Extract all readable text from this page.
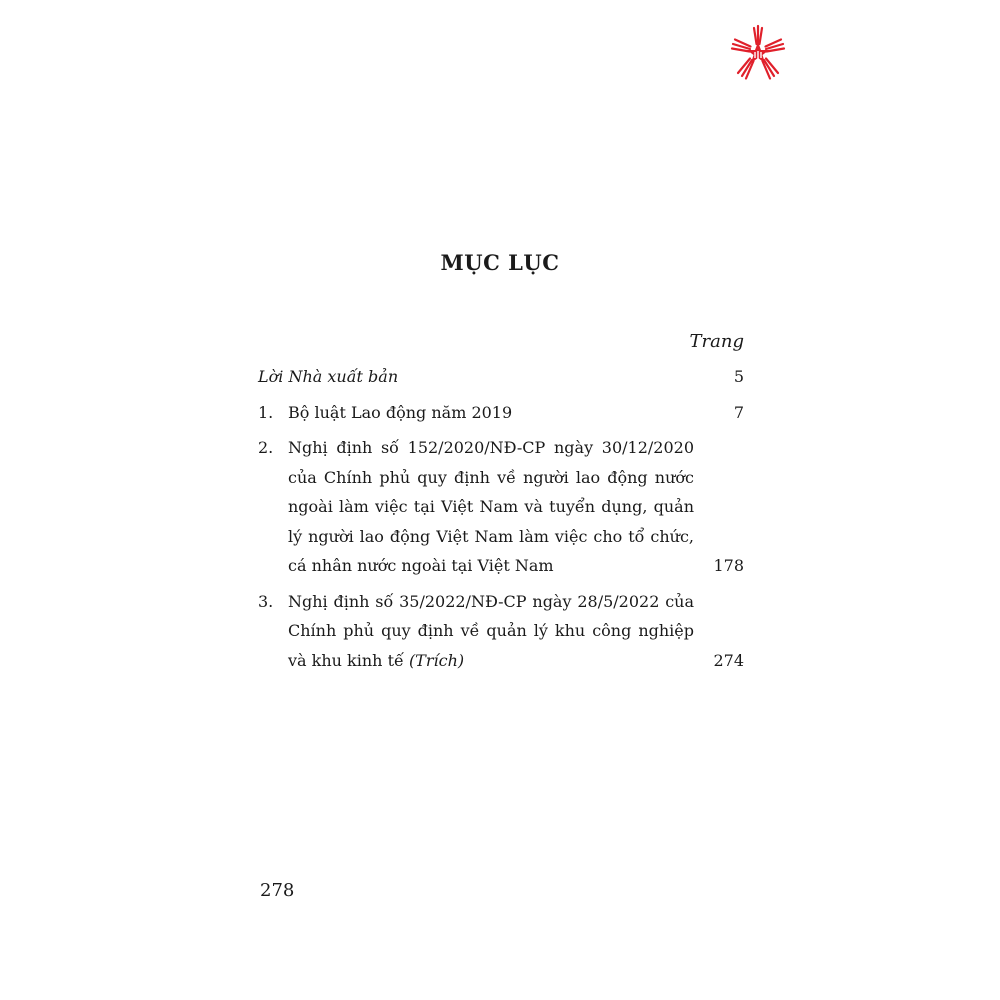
MỤC LỤC
Trang
Lời Nhà xuất bản	5
1. Bộ luật Lao động năm 2019	7
2. Nghị định số 152/2020/NĐ-CP ngày 30/12/2020
của Chính phủ quy định về người lao động nước
ngoài làm việc tại Việt Nam và tuyển dụng, quản
lý người lao động Việt Nam làm việc cho tổ chức,
cá nhân nước ngoài tại Việt Nam	178
3. Nghị định số 35/2022/NĐ-CP ngày 28/5/2022 của
Chính phủ quy định về quản lý khu công nghiệp
và khu kinh tế (Trích)	274
278
